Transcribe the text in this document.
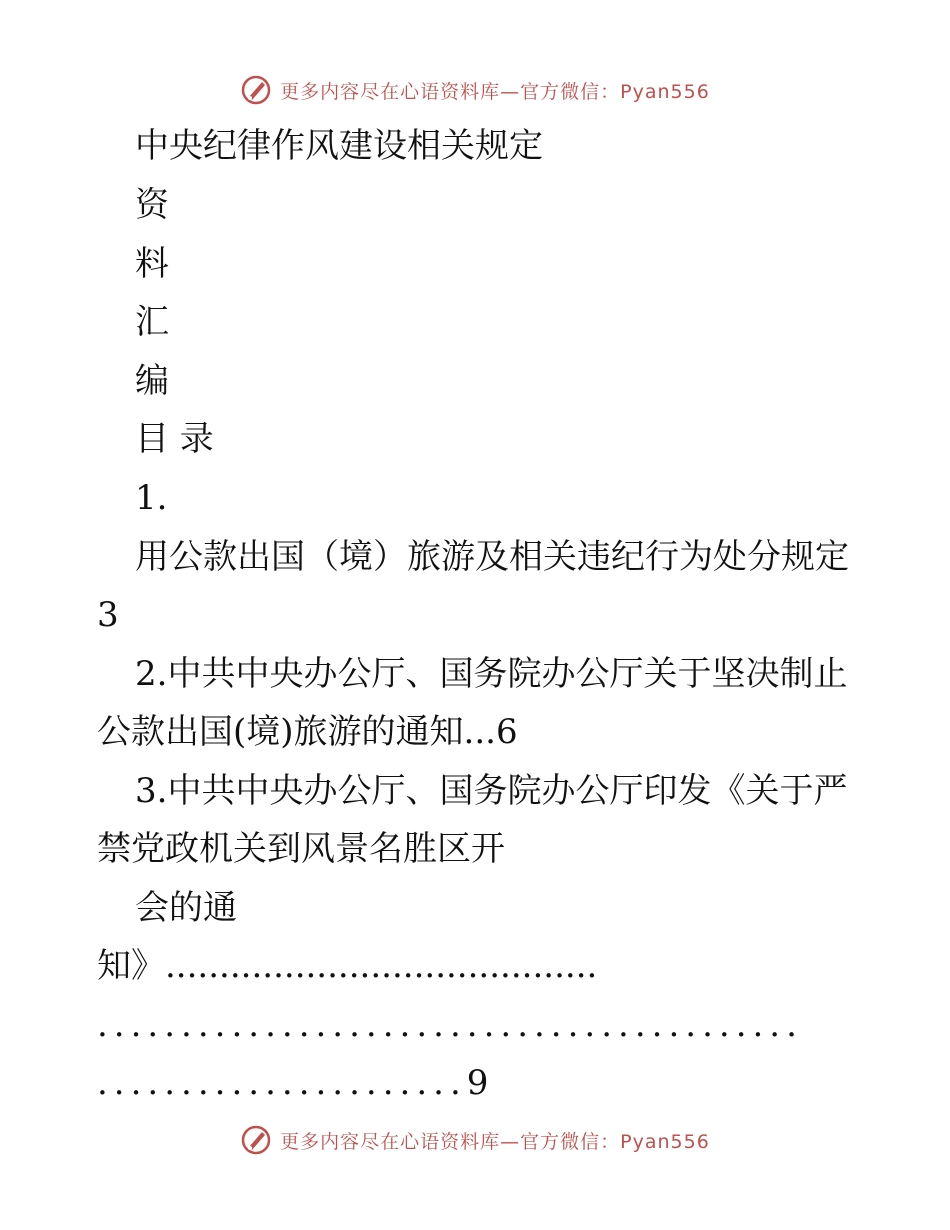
更多内容尽在心语资料库—官方微信：Pyan556
中央纪律作风建设相关规定
资
料
汇
编
目 录
1.
用公款出国（境）旅游及相关违纪行为处分规定
3
2.中共中央办公厅、国务院办公厅关于坚决制止
公款出国(境)旅游的通知...6
3.中共中央办公厅、国务院办公厅印发《关于严
禁党政机关到风景名胜区开
会的通
知》........................................
..........................................
......................9
更多内容尽在心语资料库—官方微信：Pyan556
